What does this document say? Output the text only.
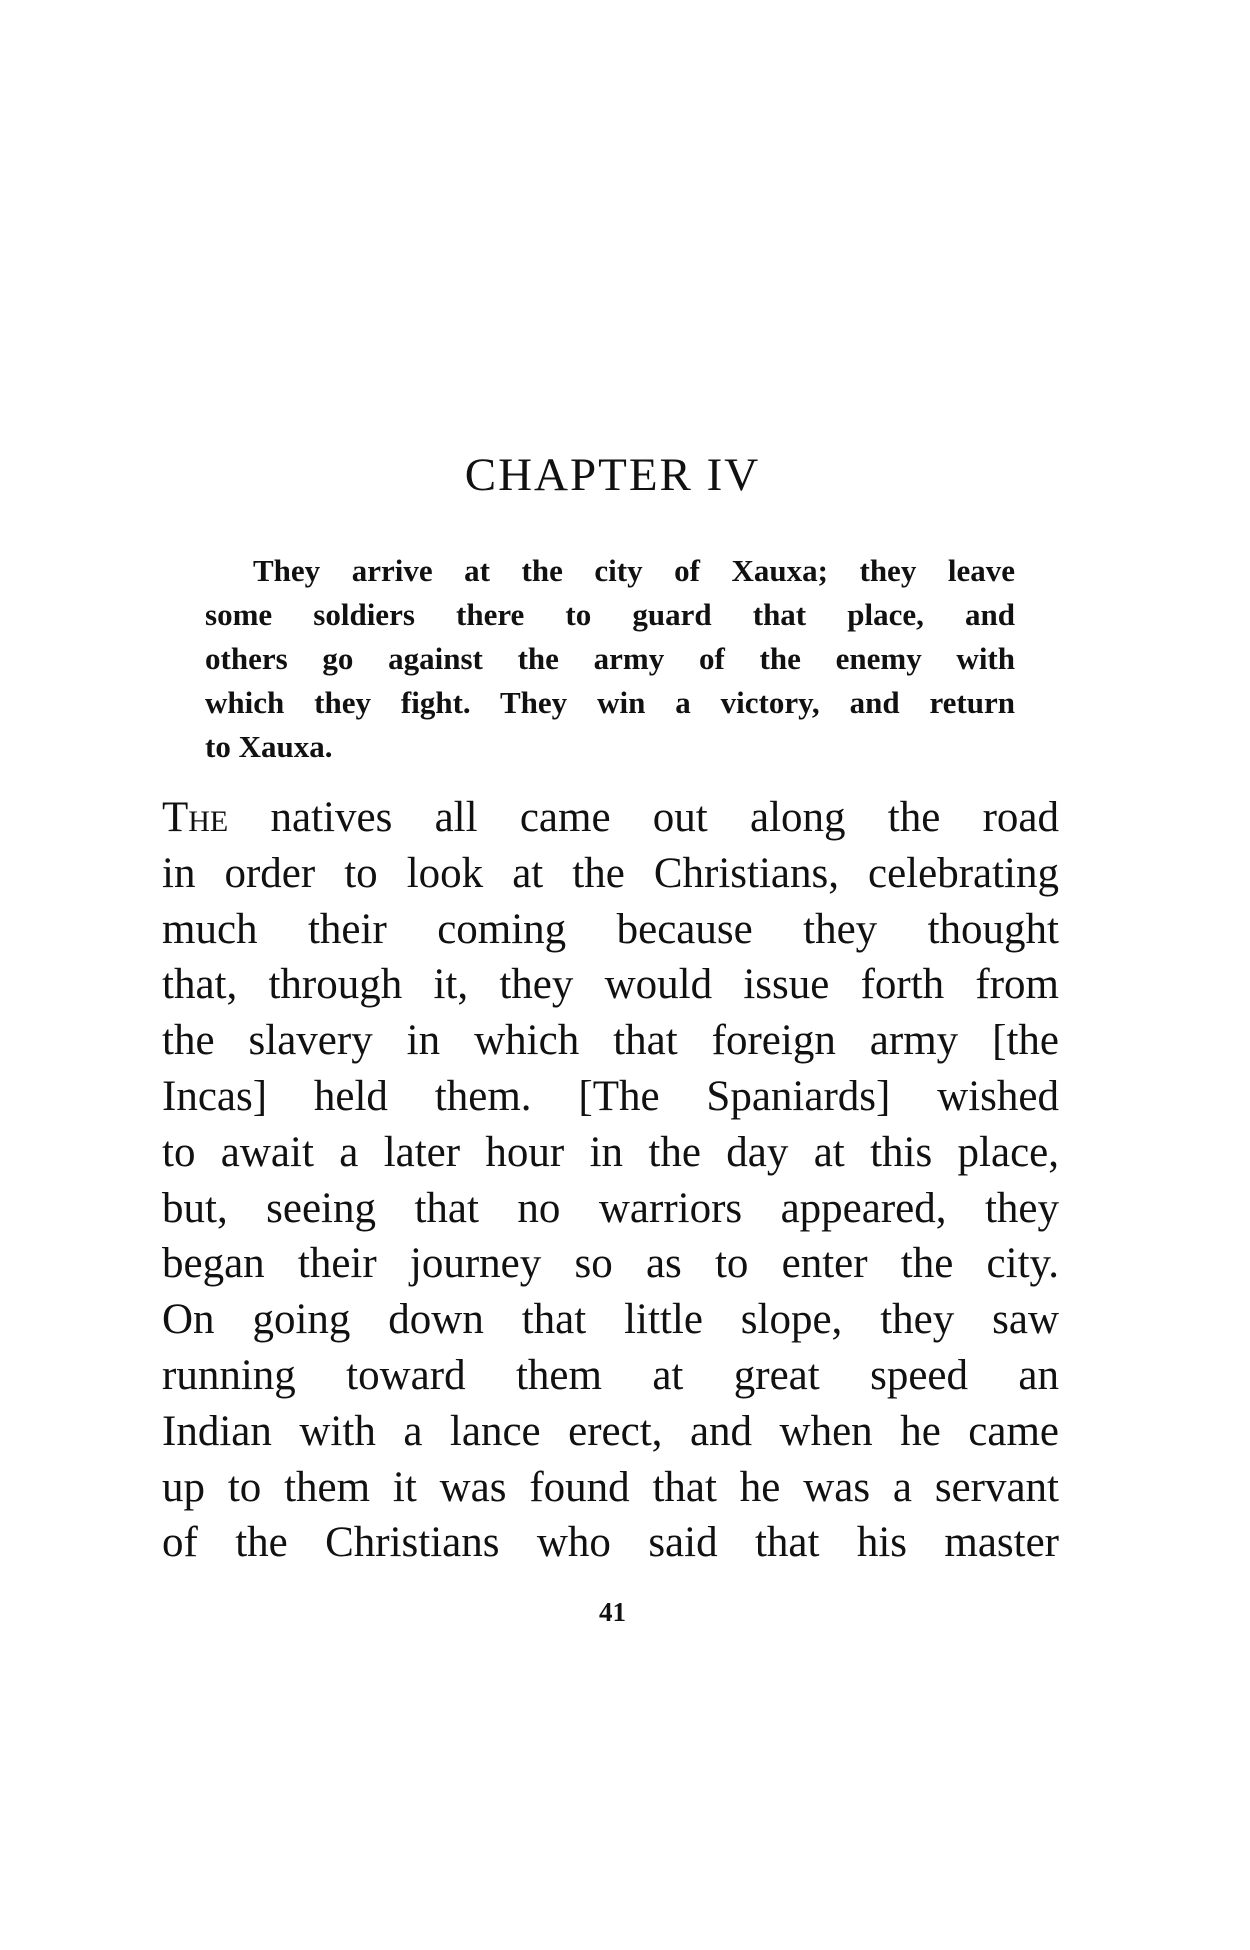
CHAPTER IV
They arrive at the city of Xauxa; they leave
some soldiers there to guard that place, and
others go against the army of the enemy with
which they fight. They win a victory, and return
to Xauxa.
The natives all came out along the road
in order to look at the Christians, celebrating
much their coming because they thought
that, through it, they would issue forth from
the slavery in which that foreign army [the
Incas] held them. [The Spaniards] wished
to await a later hour in the day at this place,
but, seeing that no warriors appeared, they
began their journey so as to enter the city.
On going down that little slope, they saw
running toward them at great speed an
Indian with a lance erect, and when he came
up to them it was found that he was a servant
of the Christians who said that his master
41
